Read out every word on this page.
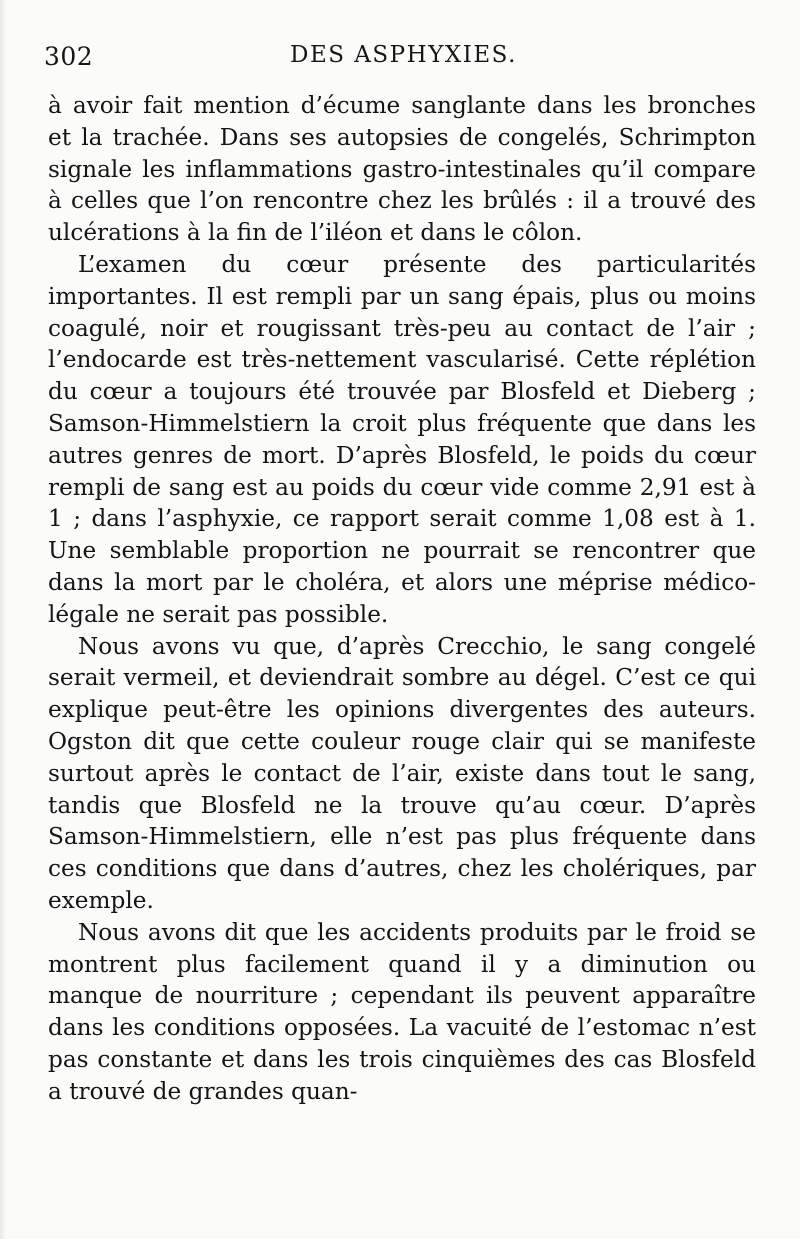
302	DES ASPHYXIES.

à avoir fait mention d’écume sanglante dans les bronches et la trachée. Dans ses autopsies de congelés, Schrimpton signale les inflammations gastro-intestinales qu’il compare à celles que l’on rencontre chez les brûlés : il a trouvé des ulcérations à la fin de l’iléon et dans le côlon.

L’examen du cœur présente des particularités importantes. Il est rempli par un sang épais, plus ou moins coagulé, noir et rougissant très-peu au contact de l’air ; l’endocarde est très-nettement vascularisé. Cette réplétion du cœur a toujours été trouvée par Blosfeld et Dieberg ; Samson-Himmelstiern la croit plus fréquente que dans les autres genres de mort. D’après Blosfeld, le poids du cœur rempli de sang est au poids du cœur vide comme 2,91 est à 1 ; dans l’asphyxie, ce rapport serait comme 1,08 est à 1. Une semblable proportion ne pourrait se rencontrer que dans la mort par le choléra, et alors une méprise médico-légale ne serait pas possible.

Nous avons vu que, d’après Crecchio, le sang congelé serait vermeil, et deviendrait sombre au dégel. C’est ce qui explique peut-être les opinions divergentes des auteurs. Ogston dit que cette couleur rouge clair qui se manifeste surtout après le contact de l’air, existe dans tout le sang, tandis que Blosfeld ne la trouve qu’au cœur. D’après Samson-Himmelstiern, elle n’est pas plus fréquente dans ces conditions que dans d’autres, chez les cholériques, par exemple.

Nous avons dit que les accidents produits par le froid se montrent plus facilement quand il y a diminution ou manque de nourriture ; cependant ils peuvent apparaître dans les conditions opposées. La vacuité de l’estomac n’est pas constante et dans les trois cinquièmes des cas Blosfeld a trouvé de grandes quan-
